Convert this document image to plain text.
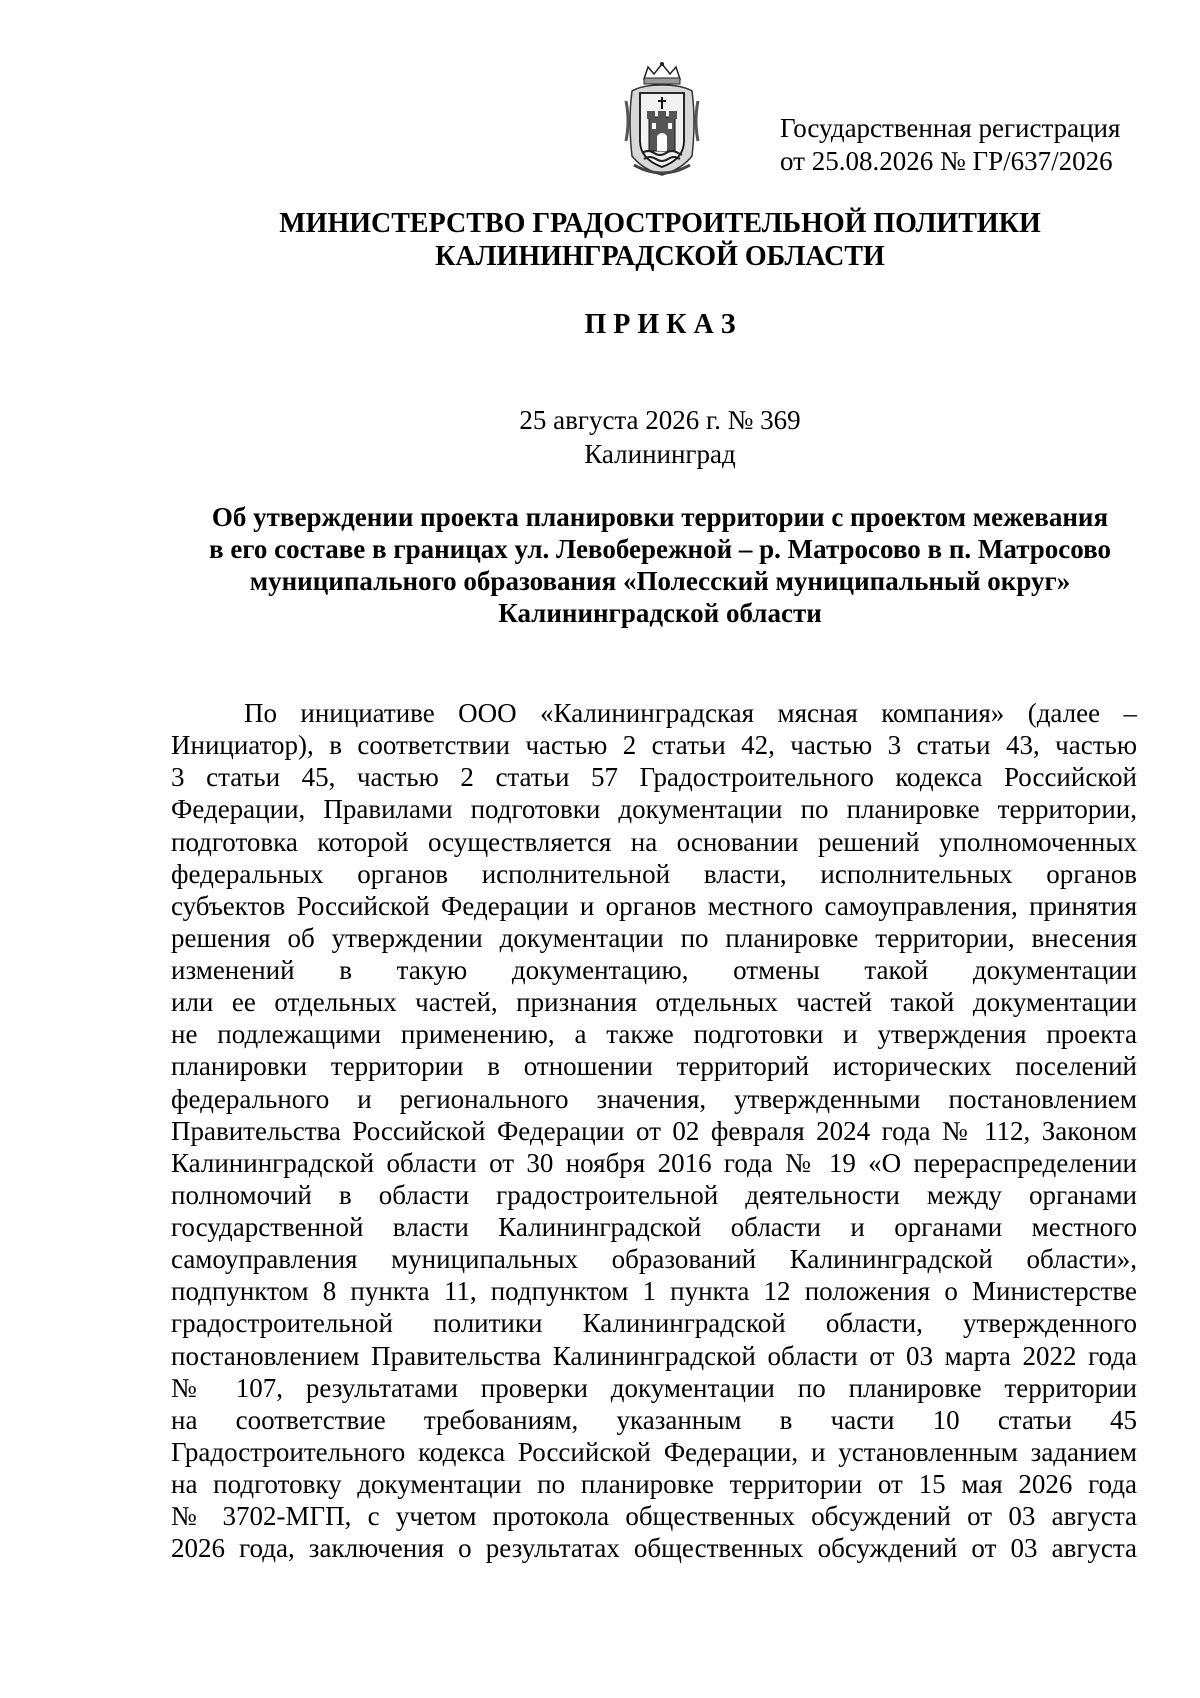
Государственная регистрация
от 25.08.2026 № ГР/637/2026
МИНИСТЕРСТВО ГРАДОСТРОИТЕЛЬНОЙ ПОЛИТИКИ
КАЛИНИНГРАДСКОЙ ОБЛАСТИ
П Р И К А З
25 августа 2026 г. № 369
Калининград
Об утверждении проекта планировки территории с проектом межевания
в его составе в границах ул. Левобережной – р. Матросово в п. Матросово
муниципального образования «Полесский муниципальный округ»
Калининградской области
По инициативе ООО «Калининградская мясная компания» (далее –
Инициатор), в соответствии частью 2 статьи 42, частью 3 статьи 43, частью
3 статьи 45, частью 2 статьи 57 Градостроительного кодекса Российской
Федерации, Правилами подготовки документации по планировке территории,
подготовка которой осуществляется на основании решений уполномоченных
федеральных органов исполнительной власти, исполнительных органов
субъектов Российской Федерации и органов местного самоуправления, принятия
решения об утверждении документации по планировке территории, внесения
изменений в такую документацию, отмены такой документации
или ее отдельных частей, признания отдельных частей такой документации
не подлежащими применению, а также подготовки и утверждения проекта
планировки территории в отношении территорий исторических поселений
федерального и регионального значения, утвержденными постановлением
Правительства Российской Федерации от 02 февраля 2024 года № 112, Законом
Калининградской области от 30 ноября 2016 года № 19 «О перераспределении
полномочий в области градостроительной деятельности между органами
государственной власти Калининградской области и органами местного
самоуправления муниципальных образований Калининградской области»,
подпунктом 8 пункта 11, подпунктом 1 пункта 12 положения о Министерстве
градостроительной политики Калининградской области, утвержденного
постановлением Правительства Калининградской области от 03 марта 2022 года
№ 107, результатами проверки документации по планировке территории
на соответствие требованиям, указанным в части 10 статьи 45
Градостроительного кодекса Российской Федерации, и установленным заданием
на подготовку документации по планировке территории от 15 мая 2026 года
№ 3702-МГП, с учетом протокола общественных обсуждений от 03 августа
2026 года, заключения о результатах общественных обсуждений от 03 августа
